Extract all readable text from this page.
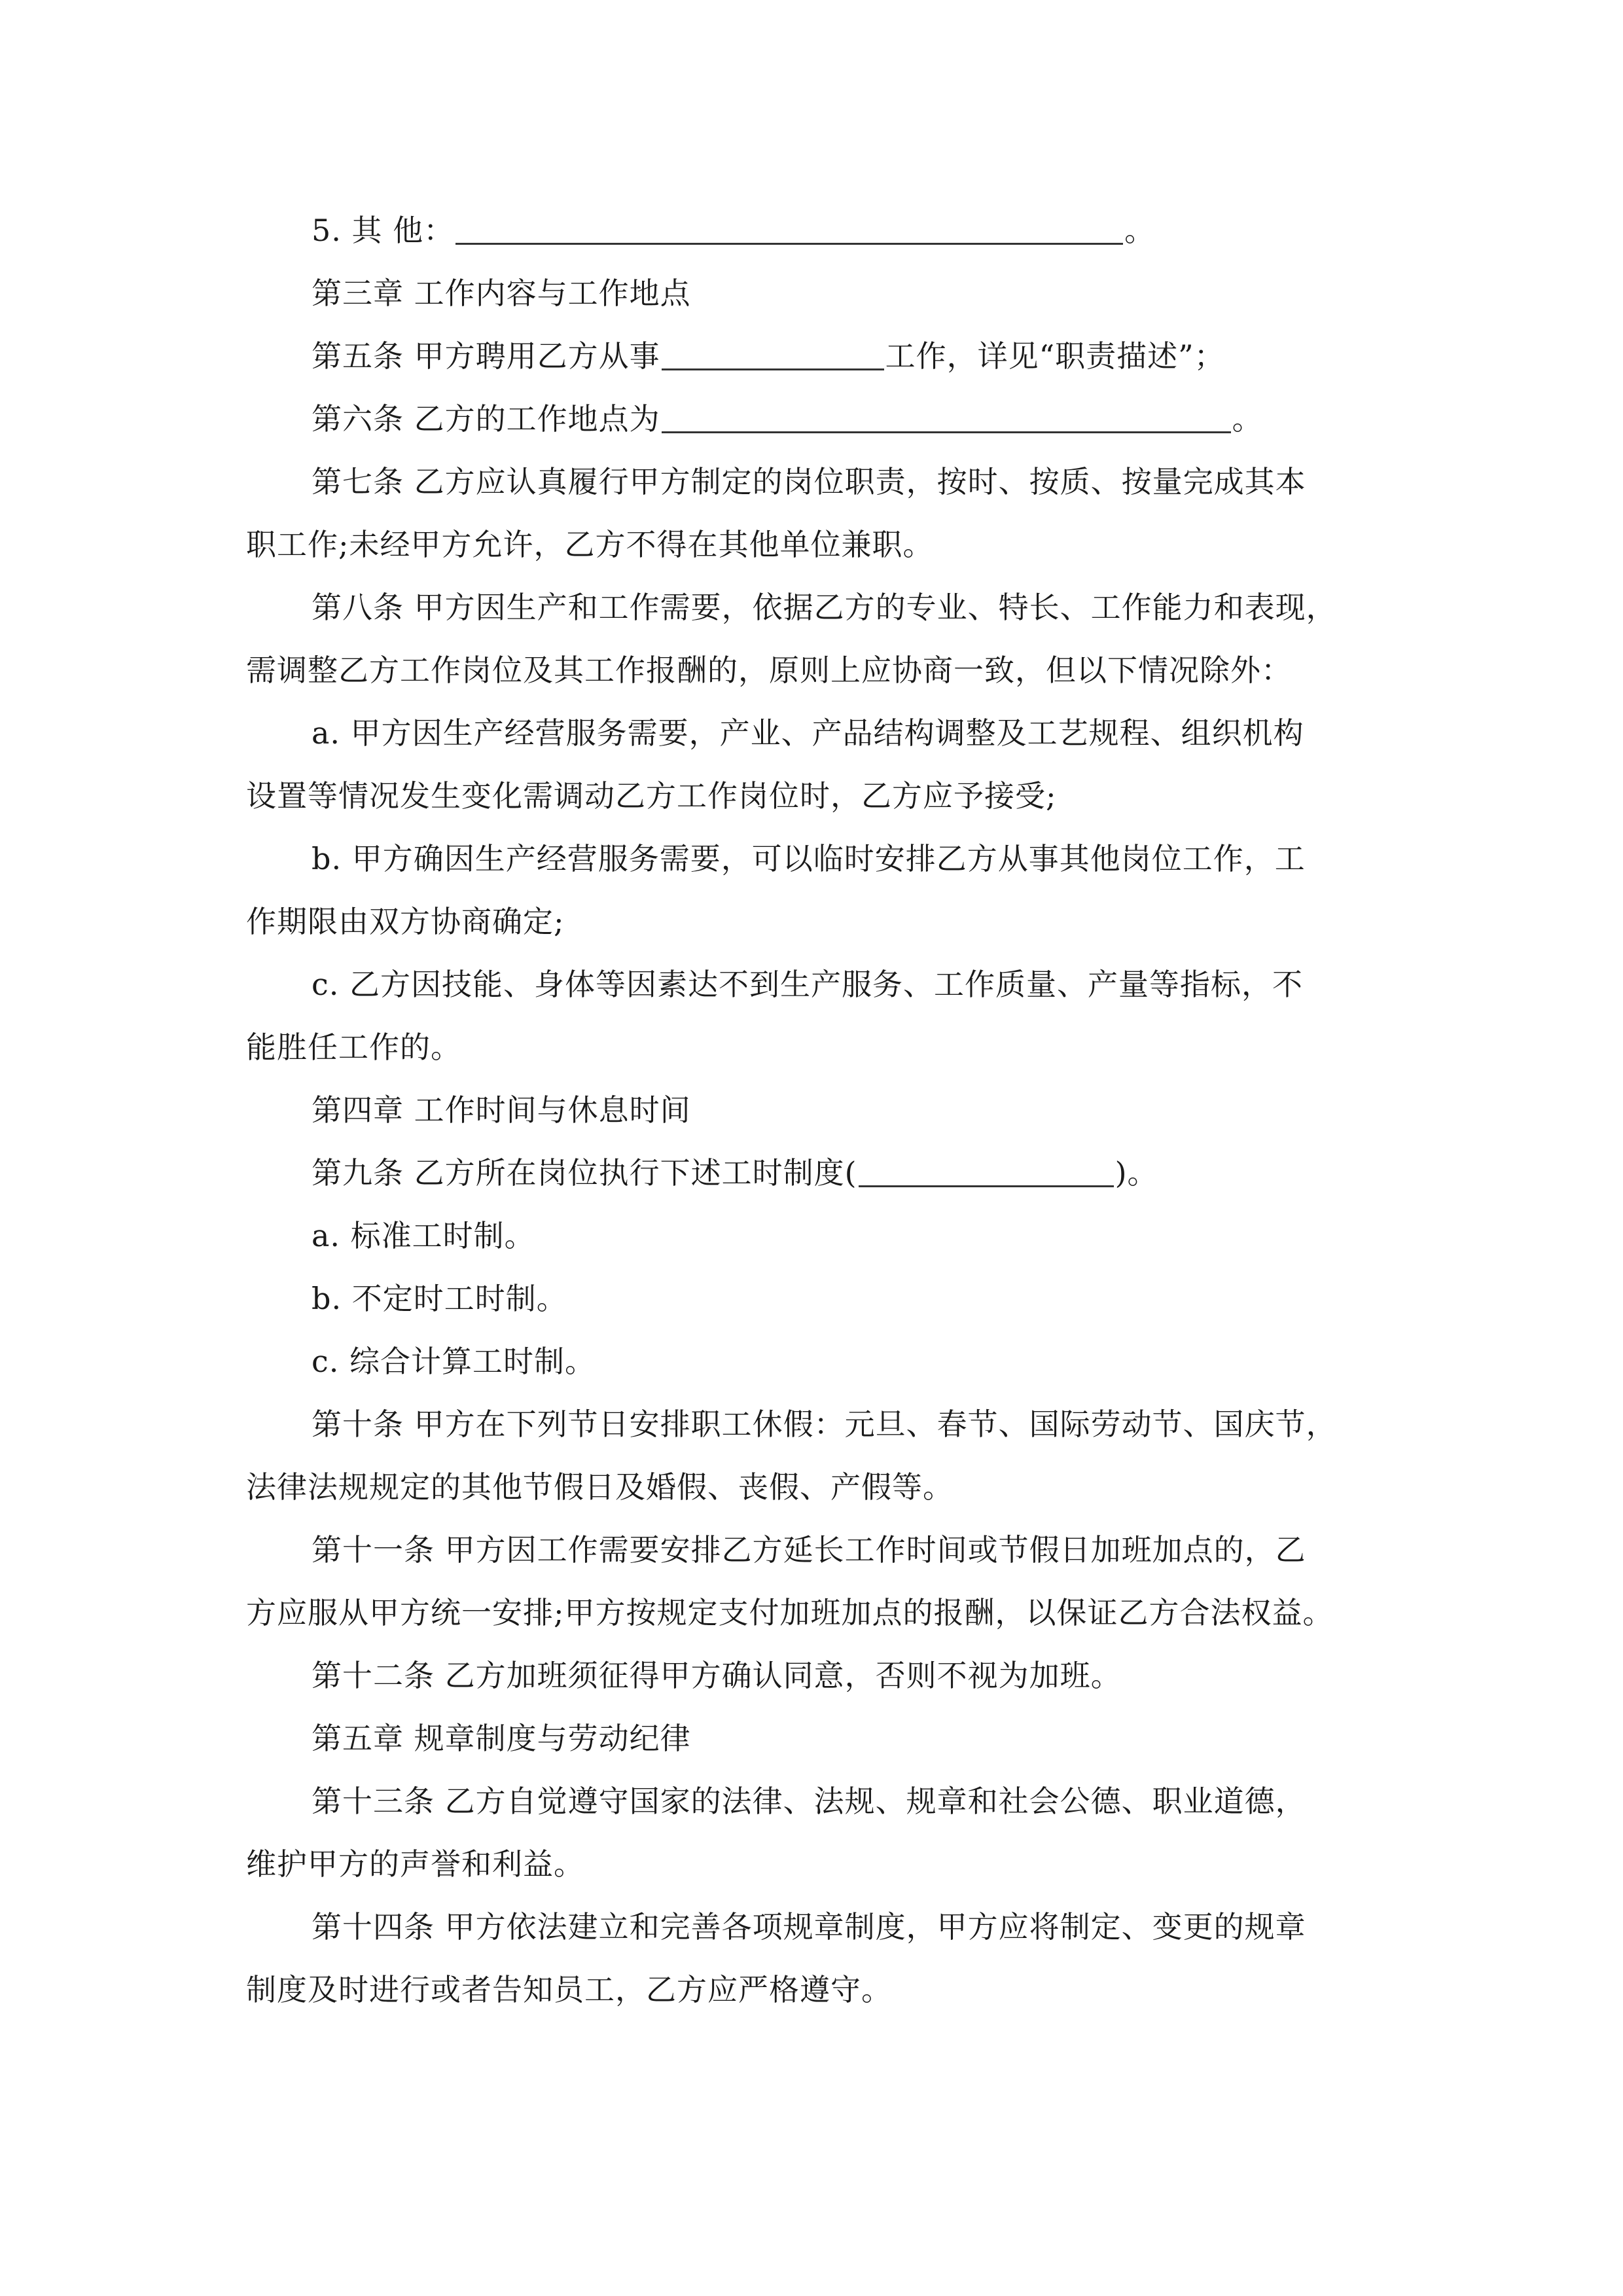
5. 其 他：	。
第三章 工作内容与工作地点
第五条 甲方聘用乙方从事	工作，详见“职责描述”；
第六条 乙方的工作地点为	。
第七条 乙方应认真履行甲方制定的岗位职责，按时、按质、按量完成其本
职工作;未经甲方允许，乙方不得在其他单位兼职。
第八条 甲方因生产和工作需要，依据乙方的专业、特长、工作能力和表现，
需调整乙方工作岗位及其工作报酬的，原则上应协商一致，但以下情况除外：
a. 甲方因生产经营服务需要，产业、产品结构调整及工艺规程、组织机构
设置等情况发生变化需调动乙方工作岗位时，乙方应予接受;
b. 甲方确因生产经营服务需要，可以临时安排乙方从事其他岗位工作，工
作期限由双方协商确定;
c. 乙方因技能、身体等因素达不到生产服务、工作质量、产量等指标，不
能胜任工作的。
第四章 工作时间与休息时间
第九条 乙方所在岗位执行下述工时制度(	)。
a. 标准工时制。
b. 不定时工时制。
c. 综合计算工时制。
第十条 甲方在下列节日安排职工休假：元旦、春节、国际劳动节、国庆节，
法律法规规定的其他节假日及婚假、丧假、产假等。
第十一条 甲方因工作需要安排乙方延长工作时间或节假日加班加点的，乙
方应服从甲方统一安排;甲方按规定支付加班加点的报酬，以保证乙方合法权益。
第十二条 乙方加班须征得甲方确认同意，否则不视为加班。
第五章 规章制度与劳动纪律
第十三条 乙方自觉遵守国家的法律、法规、规章和社会公德、职业道德，
维护甲方的声誉和利益。
第十四条 甲方依法建立和完善各项规章制度，甲方应将制定、变更的规章
制度及时进行或者告知员工，乙方应严格遵守。
